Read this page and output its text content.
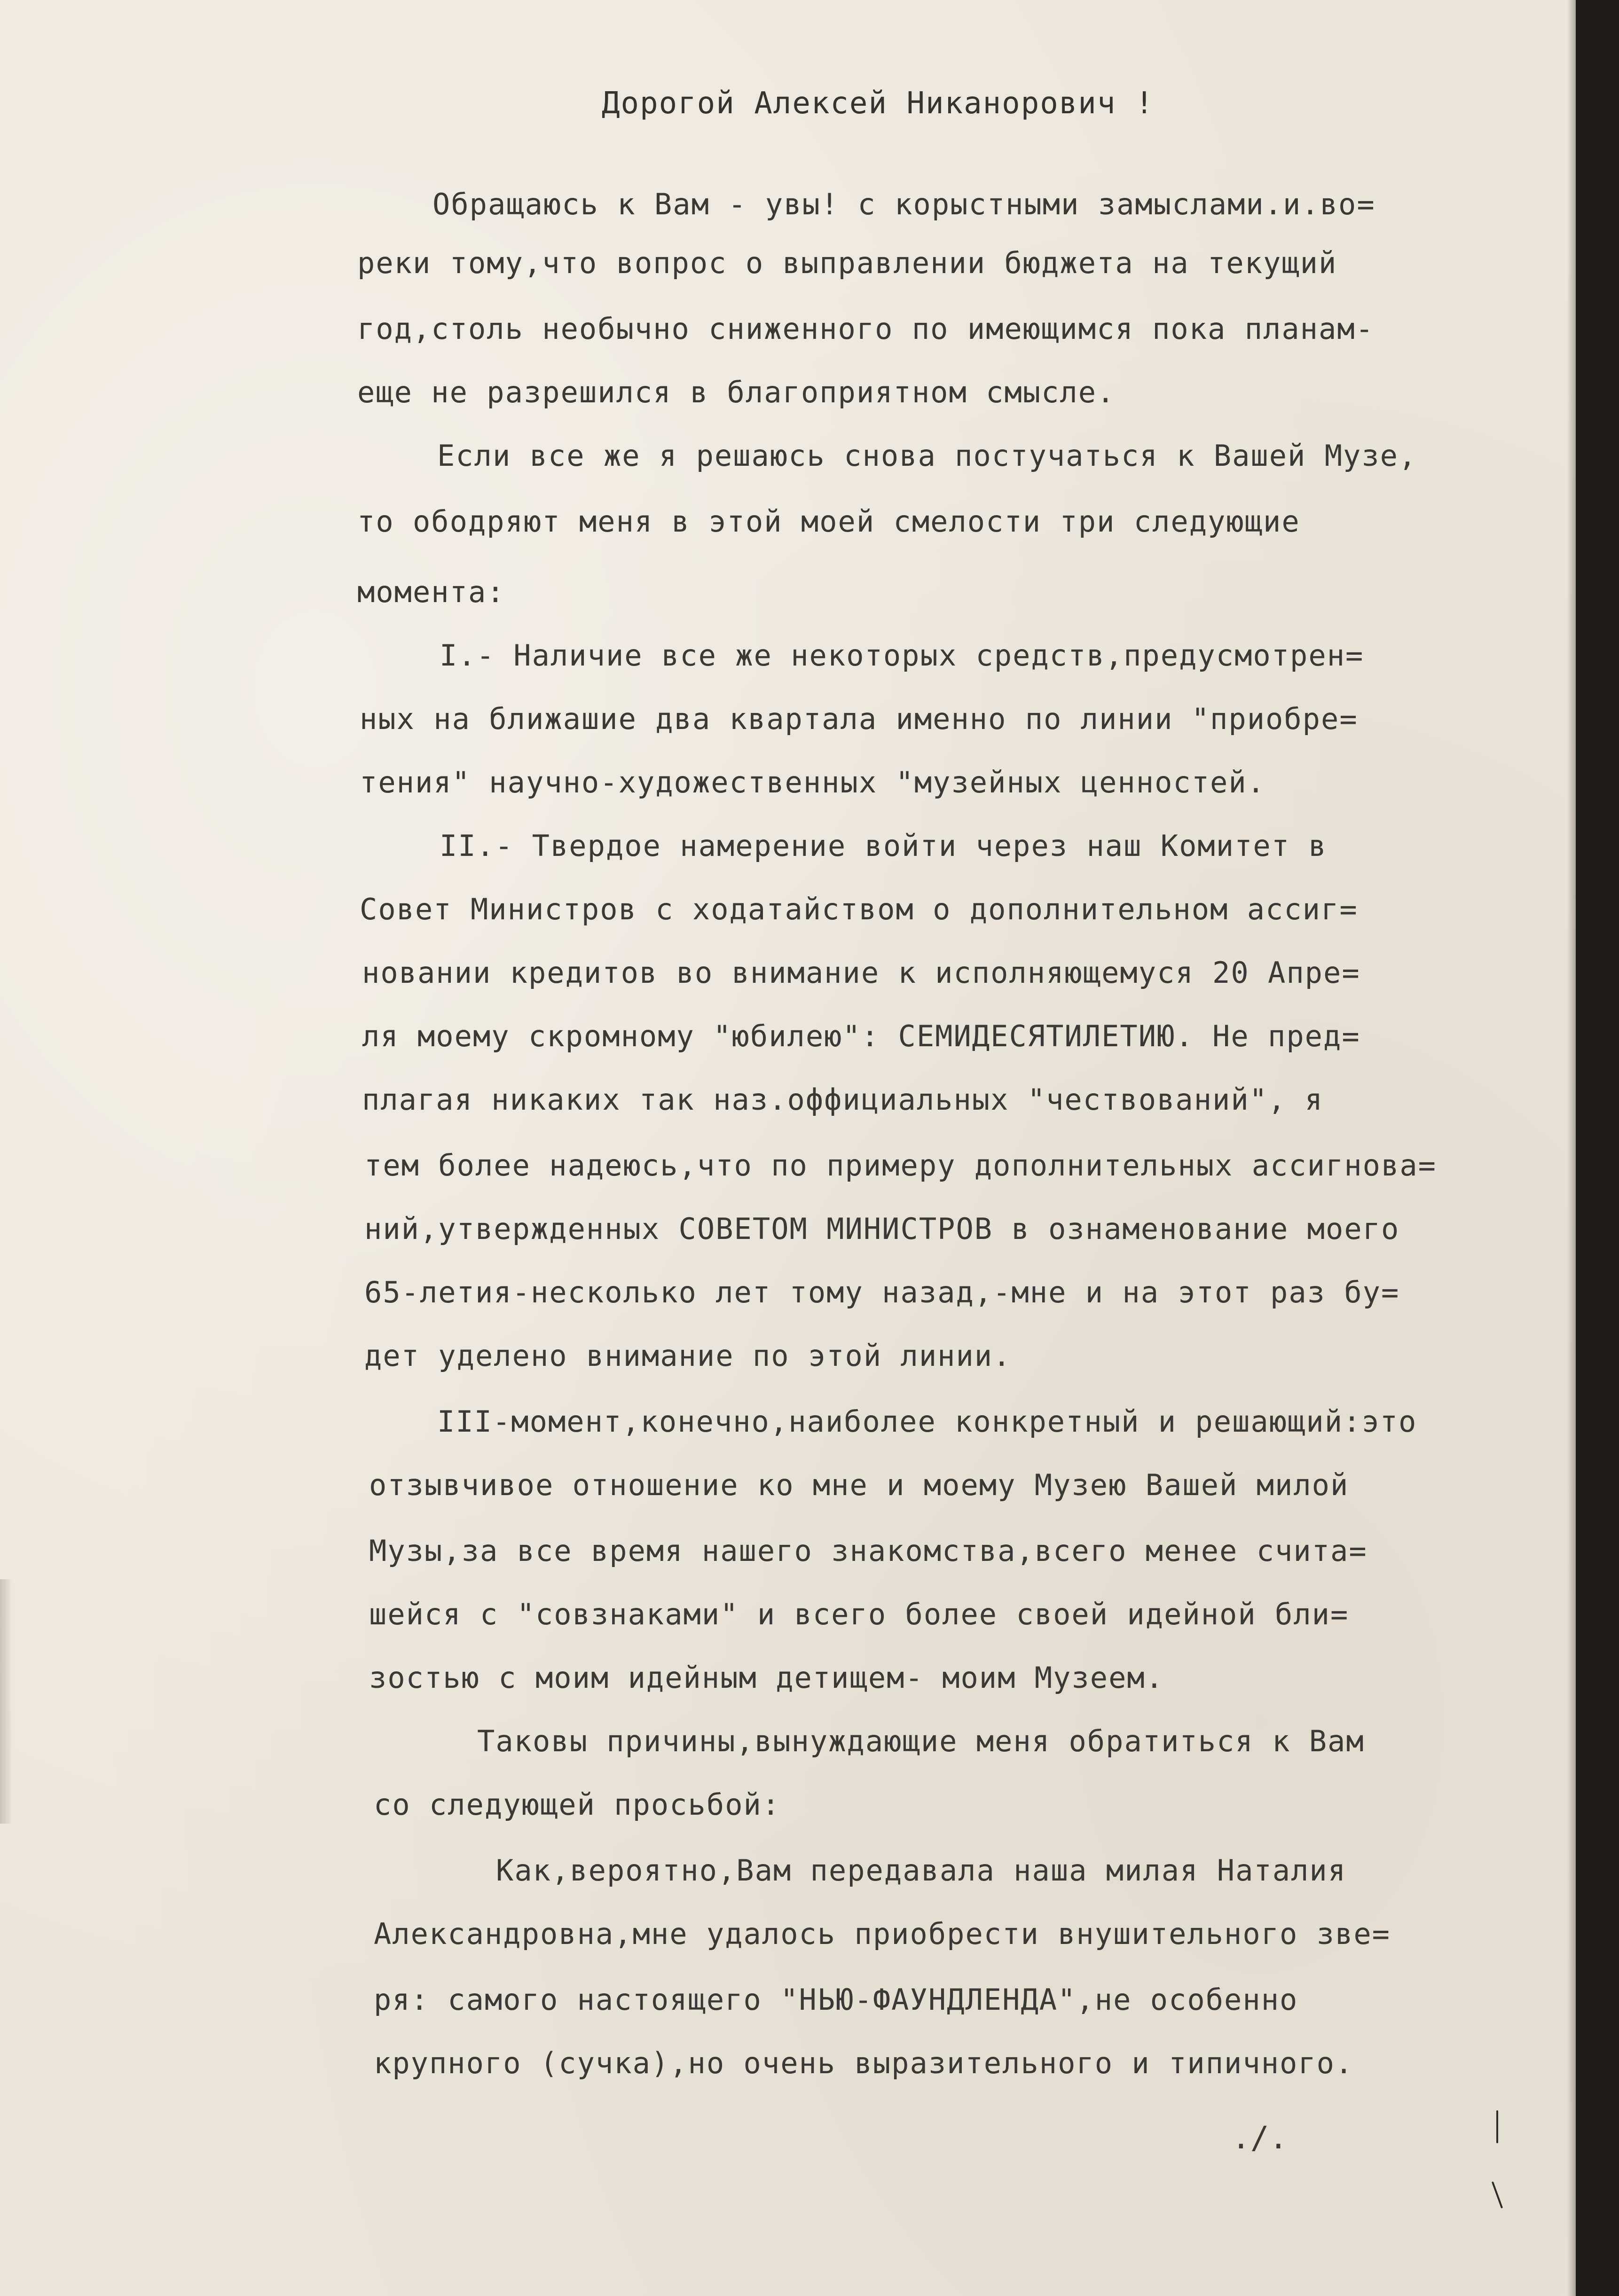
Дорогой Алексей Никанорович !
Обращаюсь к Вам - увы! с корыстными замыслами.и.во=
реки тому,что вопрос о выправлении бюджета на текущий
год,столь необычно сниженного по имеющимся пока планам-
еще не разрешился в благоприятном смысле.
Если все же я решаюсь снова постучаться к Вашей Музе,
то ободряют меня в этой моей смелости три следующие
момента:
I.- Наличие все же некоторых средств,предусмотрен=
ных на ближашие два квартала именно по линии "приобре=
тения" научно-художественных "музейных ценностей.
II.- Твердое намерение войти через наш Комитет в
Совет Министров с ходатайством о дополнительном ассиг=
новании кредитов во внимание к исполняющемуся 20 Апре=
ля моему скромному "юбилею": СЕМИДЕСЯТИЛЕТИЮ. Не пред=
плагая никаких так наз.оффициальных "чествований", я
тем более надеюсь,что по примеру дополнительных ассигнова=
ний,утвержденных СОВЕТОМ МИНИСТРОВ в ознаменование моего
65-летия-несколько лет тому назад,-мне и на этот раз бу=
дет уделено внимание по этой линии.
III-момент,конечно,наиболее конкретный и решающий:это
отзывчивое отношение ко мне и моему Музею Вашей милой
Музы,за все время нашего знакомства,всего менее счита=
шейся с "совзнаками" и всего более своей идейной бли=
зостью с моим идейным детищем- моим Музеем.
Таковы причины,вынуждающие меня обратиться к Вам
со следующей просьбой:
Как,вероятно,Вам передавала наша милая Наталия
Александровна,мне удалось приобрести внушительного зве=
ря: самого настоящего "НЬЮ-ФАУНДЛЕНДА",не особенно
крупного (сучка),но очень выразительного и типичного.
./.
